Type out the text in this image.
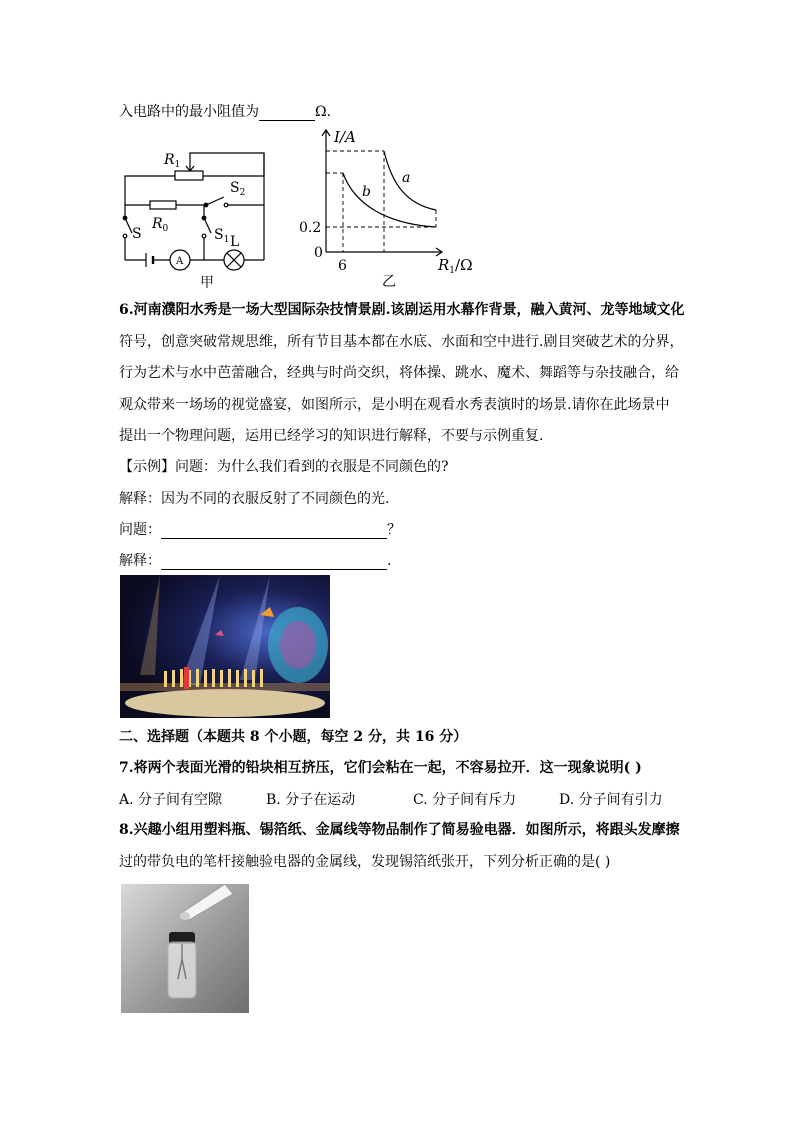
入电路中的最小阻值为	Ω.
$R_1$
$S_2$
$R_0$
S	$S_1$ L
A
甲
I/A
a
b
0.2
0
6
乙
$R_1/\Omega$
6.河南濮阳水秀是一场大型国际杂技情景剧.该剧运用水幕作背景，融入黄河、龙等地域文化
符号，创意突破常规思维，所有节目基本都在水底、水面和空中进行.剧目突破艺术的分界，
行为艺术与水中芭蕾融合，经典与时尚交织，将体操、跳水、魔术、舞蹈等与杂技融合，给
观众带来一场场的视觉盛宴，如图所示，是小明在观看水秀表演时的场景.请你在此场景中
提出一个物理问题，运用已经学习的知识进行解释，不要与示例重复.
【示例】问题：为什么我们看到的衣服是不同颜色的?
解释：因为不同的衣服反射了不同颜色的光.
问题：	？
解释：	.
二、选择题（本题共 8 个小题，每空 2 分，共 16 分）
7.将两个表面光滑的铅块相互挤压，它们会粘在一起，不容易拉开．这一现象说明( )
A. 分子间有空隙	B. 分子在运动	C. 分子间有斥力	D. 分子间有引力
8.兴趣小组用塑料瓶、锡箔纸、金属线等物品制作了简易验电器．如图所示，将跟头发摩擦
过的带负电的笔杆接触验电器的金属线，发现锡箔纸张开，下列分析正确的是( )
